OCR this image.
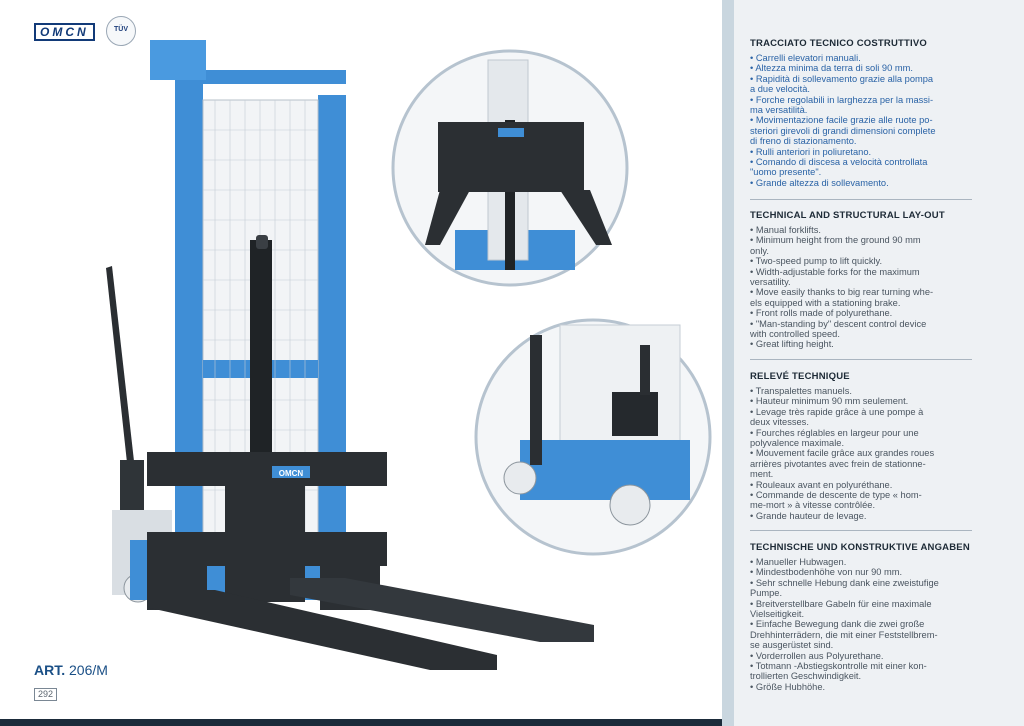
OMCN
OMCN	TÜV
ART. 206/M
292
TRACCIATO TECNICO COSTRUTTIVO
• Carrelli elevatori manuali.
• Altezza minima da terra di soli 90 mm.
• Rapidità di sollevamento grazie alla pompa
a due velocità.
• Forche regolabili in larghezza per la massi-
ma versatilità.
• Movimentazione facile grazie alle ruote po-
steriori girevoli di grandi dimensioni complete
di freno di stazionamento.
• Rulli anteriori in poliuretano.
• Comando di discesa a velocità controllata
"uomo presente".
• Grande altezza di sollevamento.
TECHNICAL AND STRUCTURAL LAY-OUT
• Manual forklifts.
• Minimum height from the ground 90 mm
only.
• Two-speed pump to lift quickly.
• Width-adjustable forks for the maximum
versatility.
• Move easily thanks to big rear turning whe-
els equipped with a stationing brake.
• Front rolls made of polyurethane.
• "Man-standing by" descent control device
with controlled speed.
• Great lifting height.
RELEVÉ TECHNIQUE
• Transpalettes manuels.
• Hauteur minimum 90 mm seulement.
• Levage très rapide grâce à une pompe à
deux vitesses.
• Fourches réglables en largeur pour une
polyvalence maximale.
• Mouvement facile grâce aux grandes roues
arrières pivotantes avec frein de stationne-
ment.
• Rouleaux avant en polyuréthane.
• Commande de descente de type « hom-
me-mort » à vitesse contrôlée.
• Grande hauteur de levage.
TECHNISCHE UND KONSTRUKTIVE ANGABEN
• Manueller Hubwagen.
• Mindestbodenhöhe von nur 90 mm.
• Sehr schnelle Hebung dank eine zweistufige
Pumpe.
• Breitverstellbare Gabeln für eine maximale
Vielseitigkeit.
• Einfache Bewegung dank die zwei große
Drehhinterrädern, die mit einer Feststellbrem-
se ausgerüstet sind.
• Vorderrollen aus Polyurethane.
• Totmann -Abstiegskontrolle mit einer kon-
trollierten Geschwindigkeit.
• Größe Hubhöhe.
